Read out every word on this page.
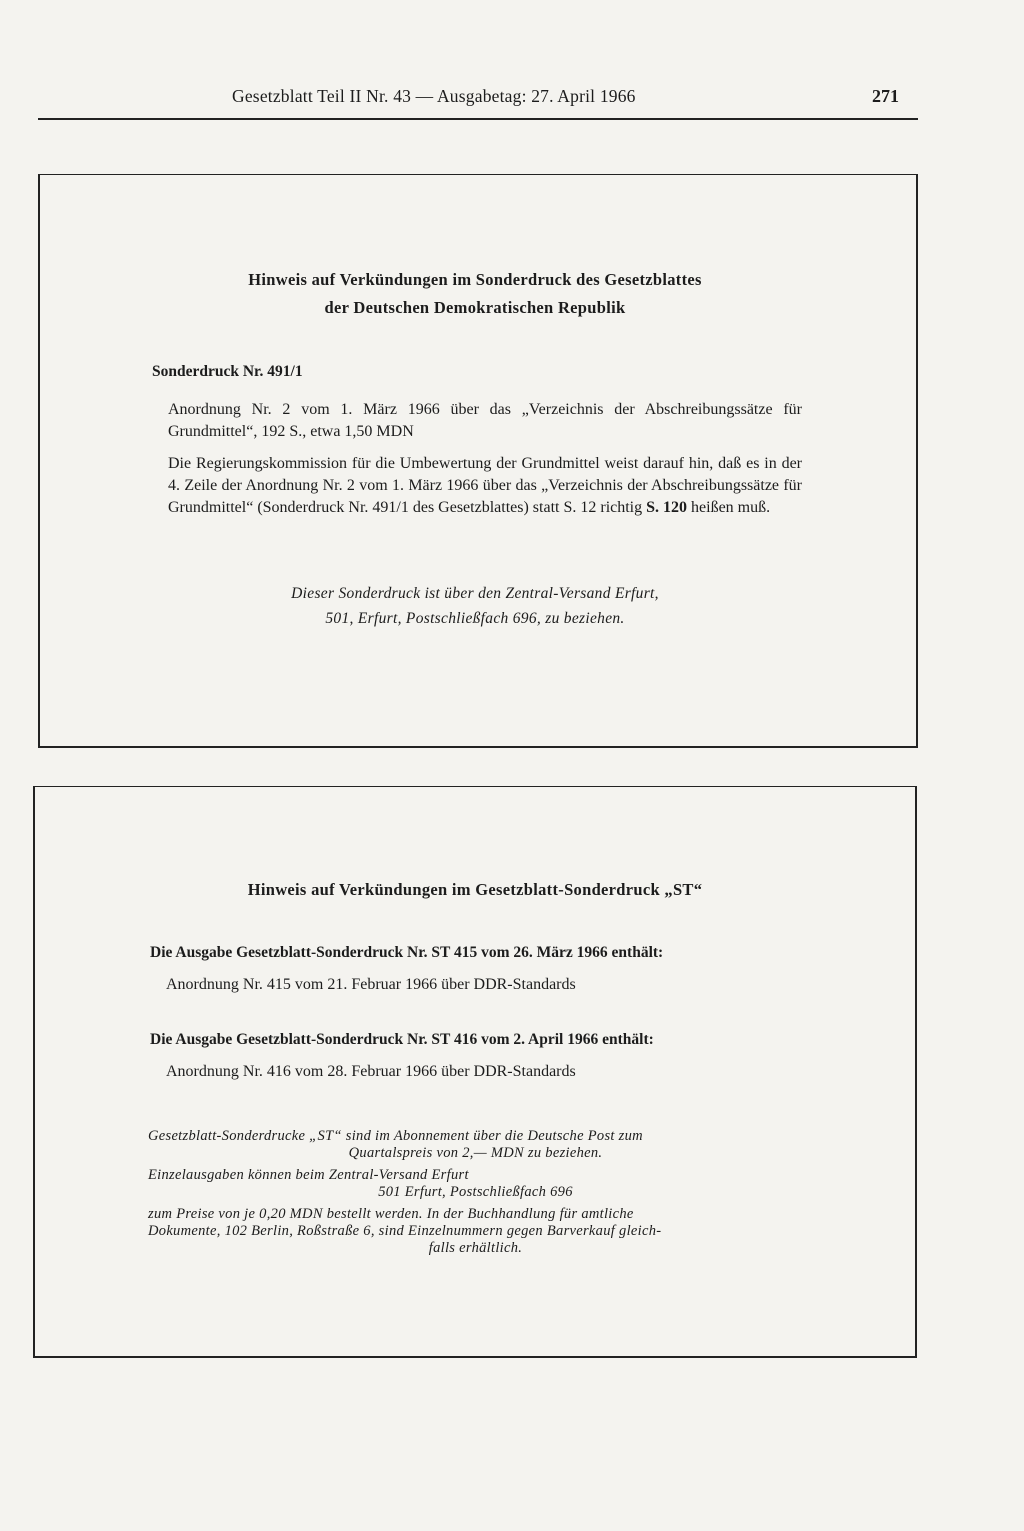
Gesetzblatt Teil II Nr. 43 — Ausgabetag: 27. April 1966	271
Hinweis auf Verkündungen im Sonderdruck des Gesetzblattes
der Deutschen Demokratischen Republik
Sonderdruck Nr. 491/1
Anordnung Nr. 2 vom 1. März 1966 über das „Verzeichnis der Abschreibungssätze für Grundmittel“, 192 S., etwa 1,50 MDN
Die Regierungskommission für die Umbewertung der Grundmittel weist darauf hin, daß es in der 4. Zeile der Anordnung Nr. 2 vom 1. März 1966 über das „Verzeichnis der Abschreibungssätze für Grundmittel“ (Sonderdruck Nr. 491/1 des Gesetzblattes) statt S. 12 richtig S. 120 heißen muß.
Dieser Sonderdruck ist über den Zentral-Versand Erfurt,
501, Erfurt, Postschließfach 696, zu beziehen.
Hinweis auf Verkündungen im Gesetzblatt-Sonderdruck „ST“
Die Ausgabe Gesetzblatt-Sonderdruck Nr. ST 415 vom 26. März 1966 enthält:
Anordnung Nr. 415 vom 21. Februar 1966 über DDR-Standards
Die Ausgabe Gesetzblatt-Sonderdruck Nr. ST 416 vom 2. April 1966 enthält:
Anordnung Nr. 416 vom 28. Februar 1966 über DDR-Standards
Gesetzblatt-Sonderdrucke „ST“ sind im Abonnement über die Deutsche Post zum
Quartalspreis von 2,— MDN zu beziehen.
Einzelausgaben können beim Zentral-Versand Erfurt
501 Erfurt, Postschließfach 696
zum Preise von je 0,20 MDN bestellt werden. In der Buchhandlung für amtliche
Dokumente, 102 Berlin, Roßstraße 6, sind Einzelnummern gegen Barverkauf gleich-
falls erhältlich.
